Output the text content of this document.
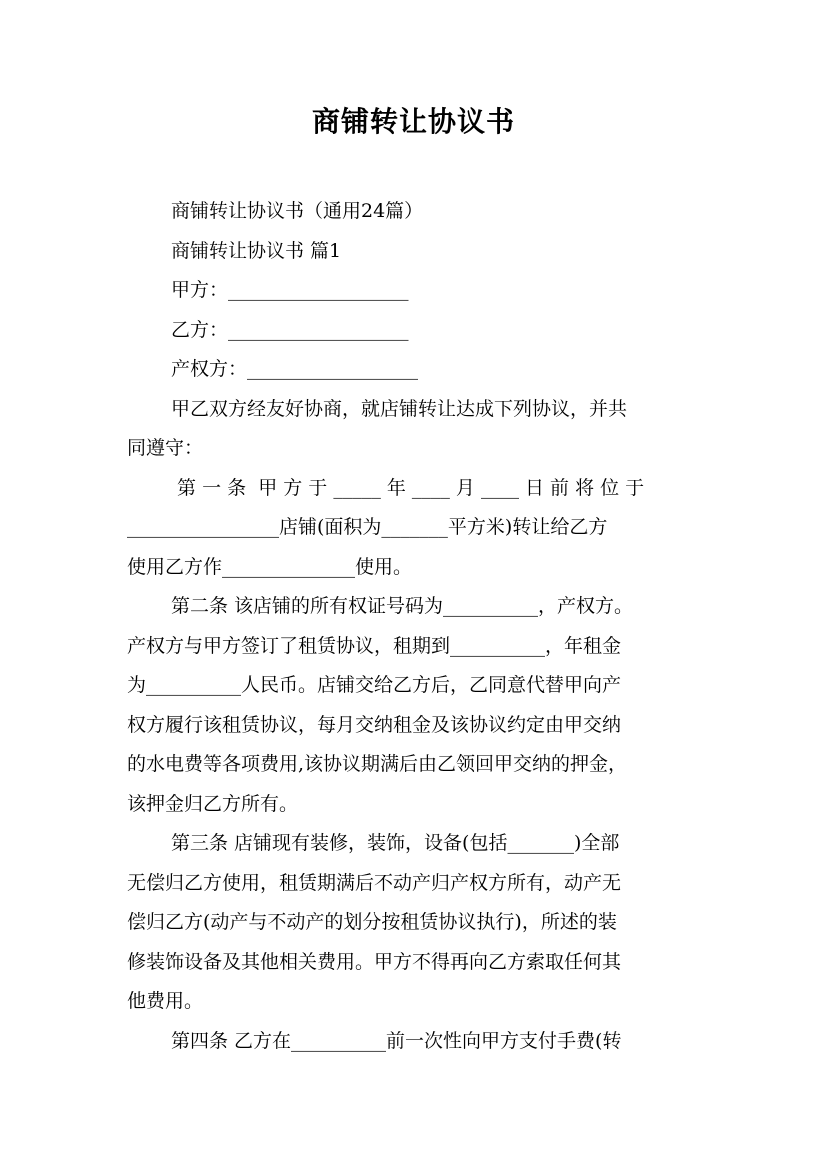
商铺转让协议书
商铺转让协议书（通用24篇）
商铺转让协议书 篇1
甲方：___________________
乙方：___________________
产权方：__________________
甲乙双方经友好协商，就店铺转让达成下列协议，并共
同遵守：
第 一 条  甲 方 于 _____ 年 ____ 月 ____ 日 前 将 位 于
________________店铺(面积为_______平方米)转让给乙方
使用乙方作______________使用。
第二条 该店铺的所有权证号码为__________，产权方。
产权方与甲方签订了租赁协议，租期到__________，年租金
为__________人民币。店铺交给乙方后，乙同意代替甲向产
权方履行该租赁协议，每月交纳租金及该协议约定由甲交纳
的水电费等各项费用,该协议期满后由乙领回甲交纳的押金，
该押金归乙方所有。
第三条 店铺现有装修，装饰，设备(包括_______)全部
无偿归乙方使用，租赁期满后不动产归产权方所有，动产无
偿归乙方(动产与不动产的划分按租赁协议执行)，所述的装
修装饰设备及其他相关费用。甲方不得再向乙方索取任何其
他费用。
第四条 乙方在__________前一次性向甲方支付手费(转
